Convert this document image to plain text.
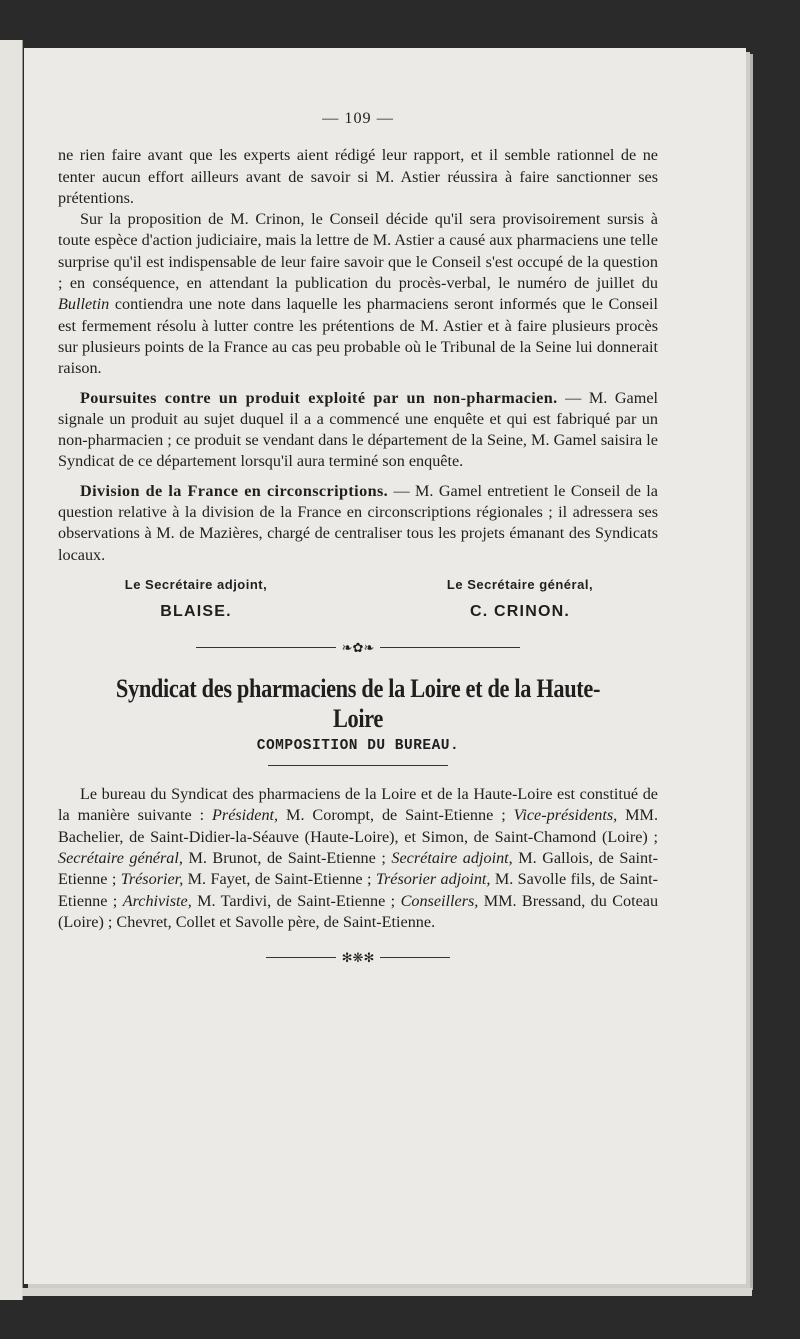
— 109 —

ne rien faire avant que les experts aient rédigé leur rapport, et il semble rationnel de ne tenter aucun effort ailleurs avant de savoir si M. Astier réussira à faire sanctionner ses prétentions.

Sur la proposition de M. Crinon, le Conseil décide qu'il sera provisoirement sursis à toute espèce d'action judiciaire, mais la lettre de M. Astier a causé aux pharmaciens une telle surprise qu'il est indispensable de leur faire savoir que le Conseil s'est occupé de la question ; en conséquence, en attendant la publication du procès-verbal, le numéro de juillet du Bulletin contiendra une note dans laquelle les pharmaciens seront informés que le Conseil est fermement résolu à lutter contre les prétentions de M. Astier et à faire plusieurs procès sur plusieurs points de la France au cas peu probable où le Tribunal de la Seine lui donnerait raison.

Poursuites contre un produit exploité par un non-pharmacien. — M. Gamel signale un produit au sujet duquel il a a commencé une enquête et qui est fabriqué par un non-pharmacien ; ce produit se vendant dans le département de la Seine, M. Gamel saisira le Syndicat de ce département lorsqu'il aura terminé son enquête.

Division de la France en circonscriptions. — M. Gamel entretient le Conseil de la question relative à la division de la France en circonscriptions régionales ; il adressera ses observations à M. de Mazières, chargé de centraliser tous les projets émanant des Syndicats locaux.

Le Secrétaire adjoint,
BLAISE.
Le Secrétaire général,
C. CRINON.
❧✿❧
Syndicat des pharmaciens de la Loire et de la Haute-Loire
COMPOSITION DU BUREAU.

Le bureau du Syndicat des pharmaciens de la Loire et de la Haute-Loire est constitué de la manière suivante : Président, M. Corompt, de Saint-Etienne ; Vice-présidents, MM. Bachelier, de Saint-Didier-la-Séauve (Haute-Loire), et Simon, de Saint-Chamond (Loire) ; Secrétaire général, M. Brunot, de Saint-Etienne ; Secrétaire adjoint, M. Gallois, de Saint-Etienne ; Trésorier, M. Fayet, de Saint-Etienne ; Trésorier adjoint, M. Savolle fils, de Saint-Etienne ; Archiviste, M. Tardivi, de Saint-Etienne ; Conseillers, MM. Bressand, du Coteau (Loire) ; Chevret, Collet et Savolle père, de Saint-Etienne.

✻❋✻
